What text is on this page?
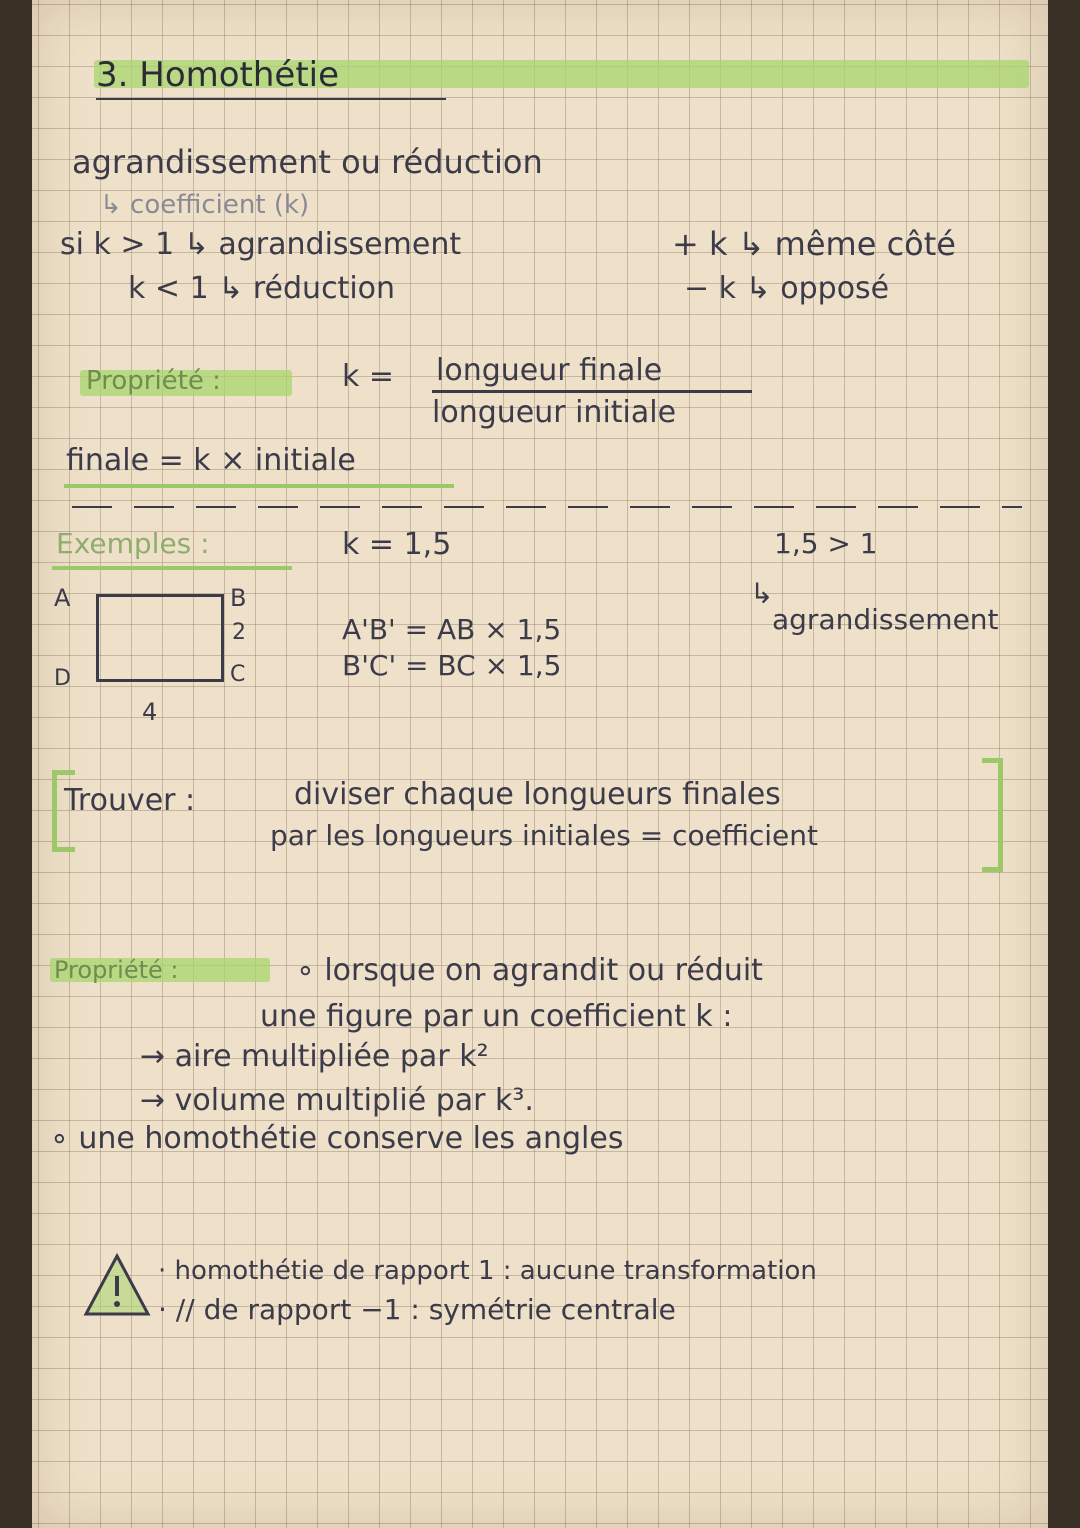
3. Homothétie
agrandissement ou réduction
↳ coefficient (k)
si k > 1 ↳ agrandissement
k < 1 ↳ réduction
+ k ↳ même côté
− k ↳ opposé
Propriété :	k = longueur finale
longueur initiale
finale = k × initiale
Exemples :	k = 1,5	1,5 > 1
↳
agrandissement
A	B
2
C
D
4
A'B' = AB × 1,5
B'C' = BC × 1,5
Trouver :	diviser chaque longueurs finales
par les longueurs initiales = coefficient
Propriété :	∘ lorsque on agrandit ou réduit
une figure par un coefficient k :
→ aire multipliée par k²
→ volume multiplié par k³.
∘ une homothétie conserve les angles
· homothétie de rapport 1 : aucune transformation
· // de rapport −1 : symétrie centrale
